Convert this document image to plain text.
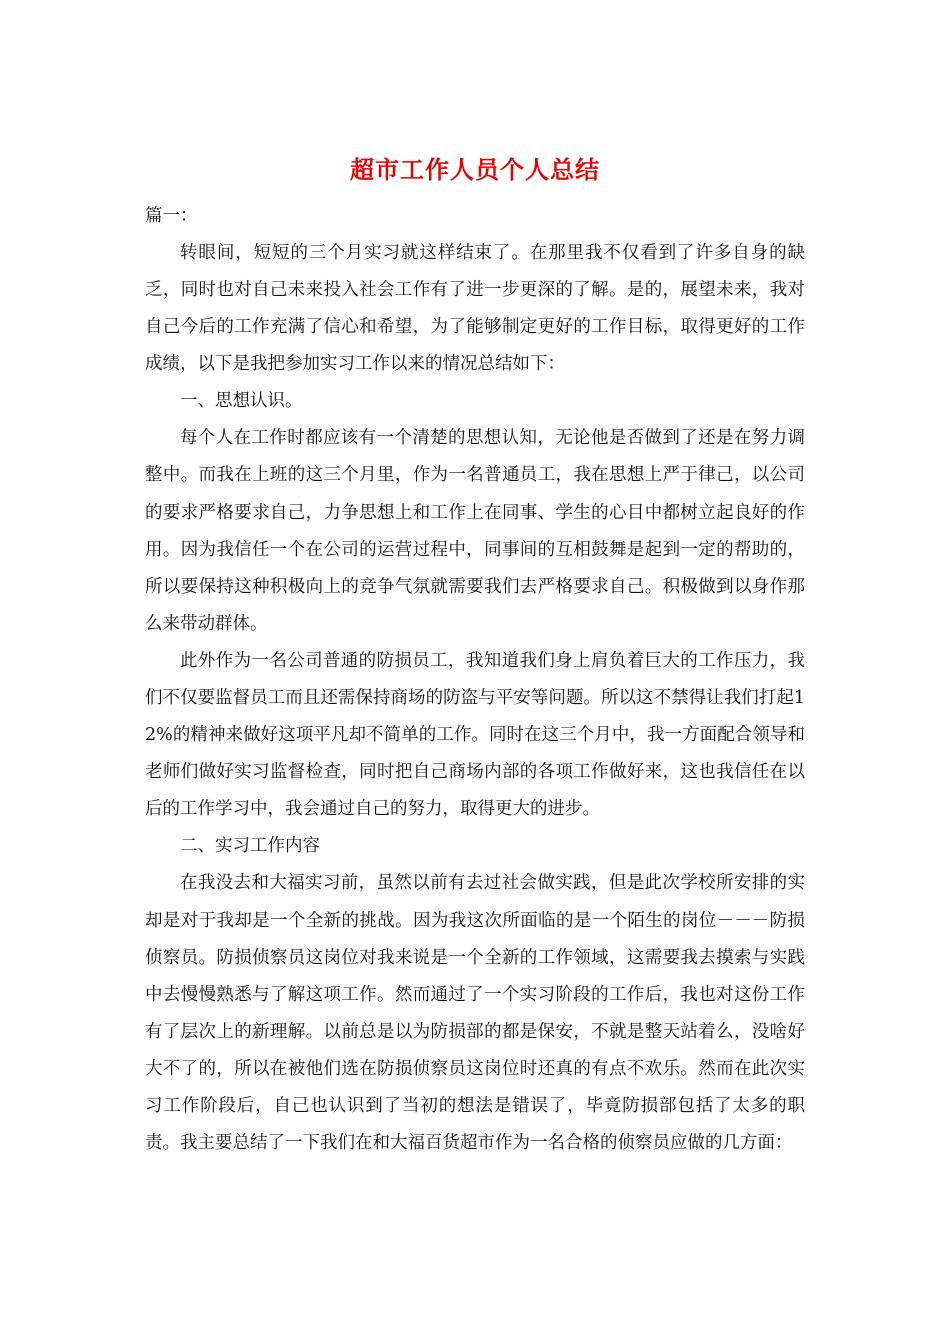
超市工作人员个人总结

篇一：

转眼间，短短的三个月实习就这样结束了。在那里我不仅看到了许多自身的缺乏，同时也对自己未来投入社会工作有了进一步更深的了解。是的，展望未来，我对自己今后的工作充满了信心和希望，为了能够制定更好的工作目标，取得更好的工作成绩，以下是我把参加实习工作以来的情况总结如下：

一、思想认识。

每个人在工作时都应该有一个清楚的思想认知，无论他是否做到了还是在努力调整中。而我在上班的这三个月里，作为一名普通员工，我在思想上严于律己，以公司的要求严格要求自己，力争思想上和工作上在同事、学生的心目中都树立起良好的作用。因为我信任一个在公司的运营过程中，同事间的互相鼓舞是起到一定的帮助的，所以要保持这种积极向上的竞争气氛就需要我们去严格要求自己。积极做到以身作那么来带动群体。

此外作为一名公司普通的防损员工，我知道我们身上肩负着巨大的工作压力，我们不仅要监督员工而且还需保持商场的防盗与平安等问题。所以这不禁得让我们打起12%的精神来做好这项平凡却不简单的工作。同时在这三个月中，我一方面配合领导和老师们做好实习监督检查，同时把自己商场内部的各项工作做好来，这也我信任在以后的工作学习中，我会通过自己的努力，取得更大的进步。

二、实习工作内容

在我没去和大福实习前，虽然以前有去过社会做实践，但是此次学校所安排的实却是对于我却是一个全新的挑战。因为我这次所面临的是一个陌生的岗位－－－防损侦察员。防损侦察员这岗位对我来说是一个全新的工作领域，这需要我去摸索与实践中去慢慢熟悉与了解这项工作。然而通过了一个实习阶段的工作后，我也对这份工作有了层次上的新理解。以前总是以为防损部的都是保安，不就是整天站着么，没啥好大不了的，所以在被他们选在防损侦察员这岗位时还真的有点不欢乐。然而在此次实习工作阶段后，自己也认识到了当初的想法是错误了，毕竟防损部包括了太多的职责。我主要总结了一下我们在和大福百货超市作为一名合格的侦察员应做的几方面：
